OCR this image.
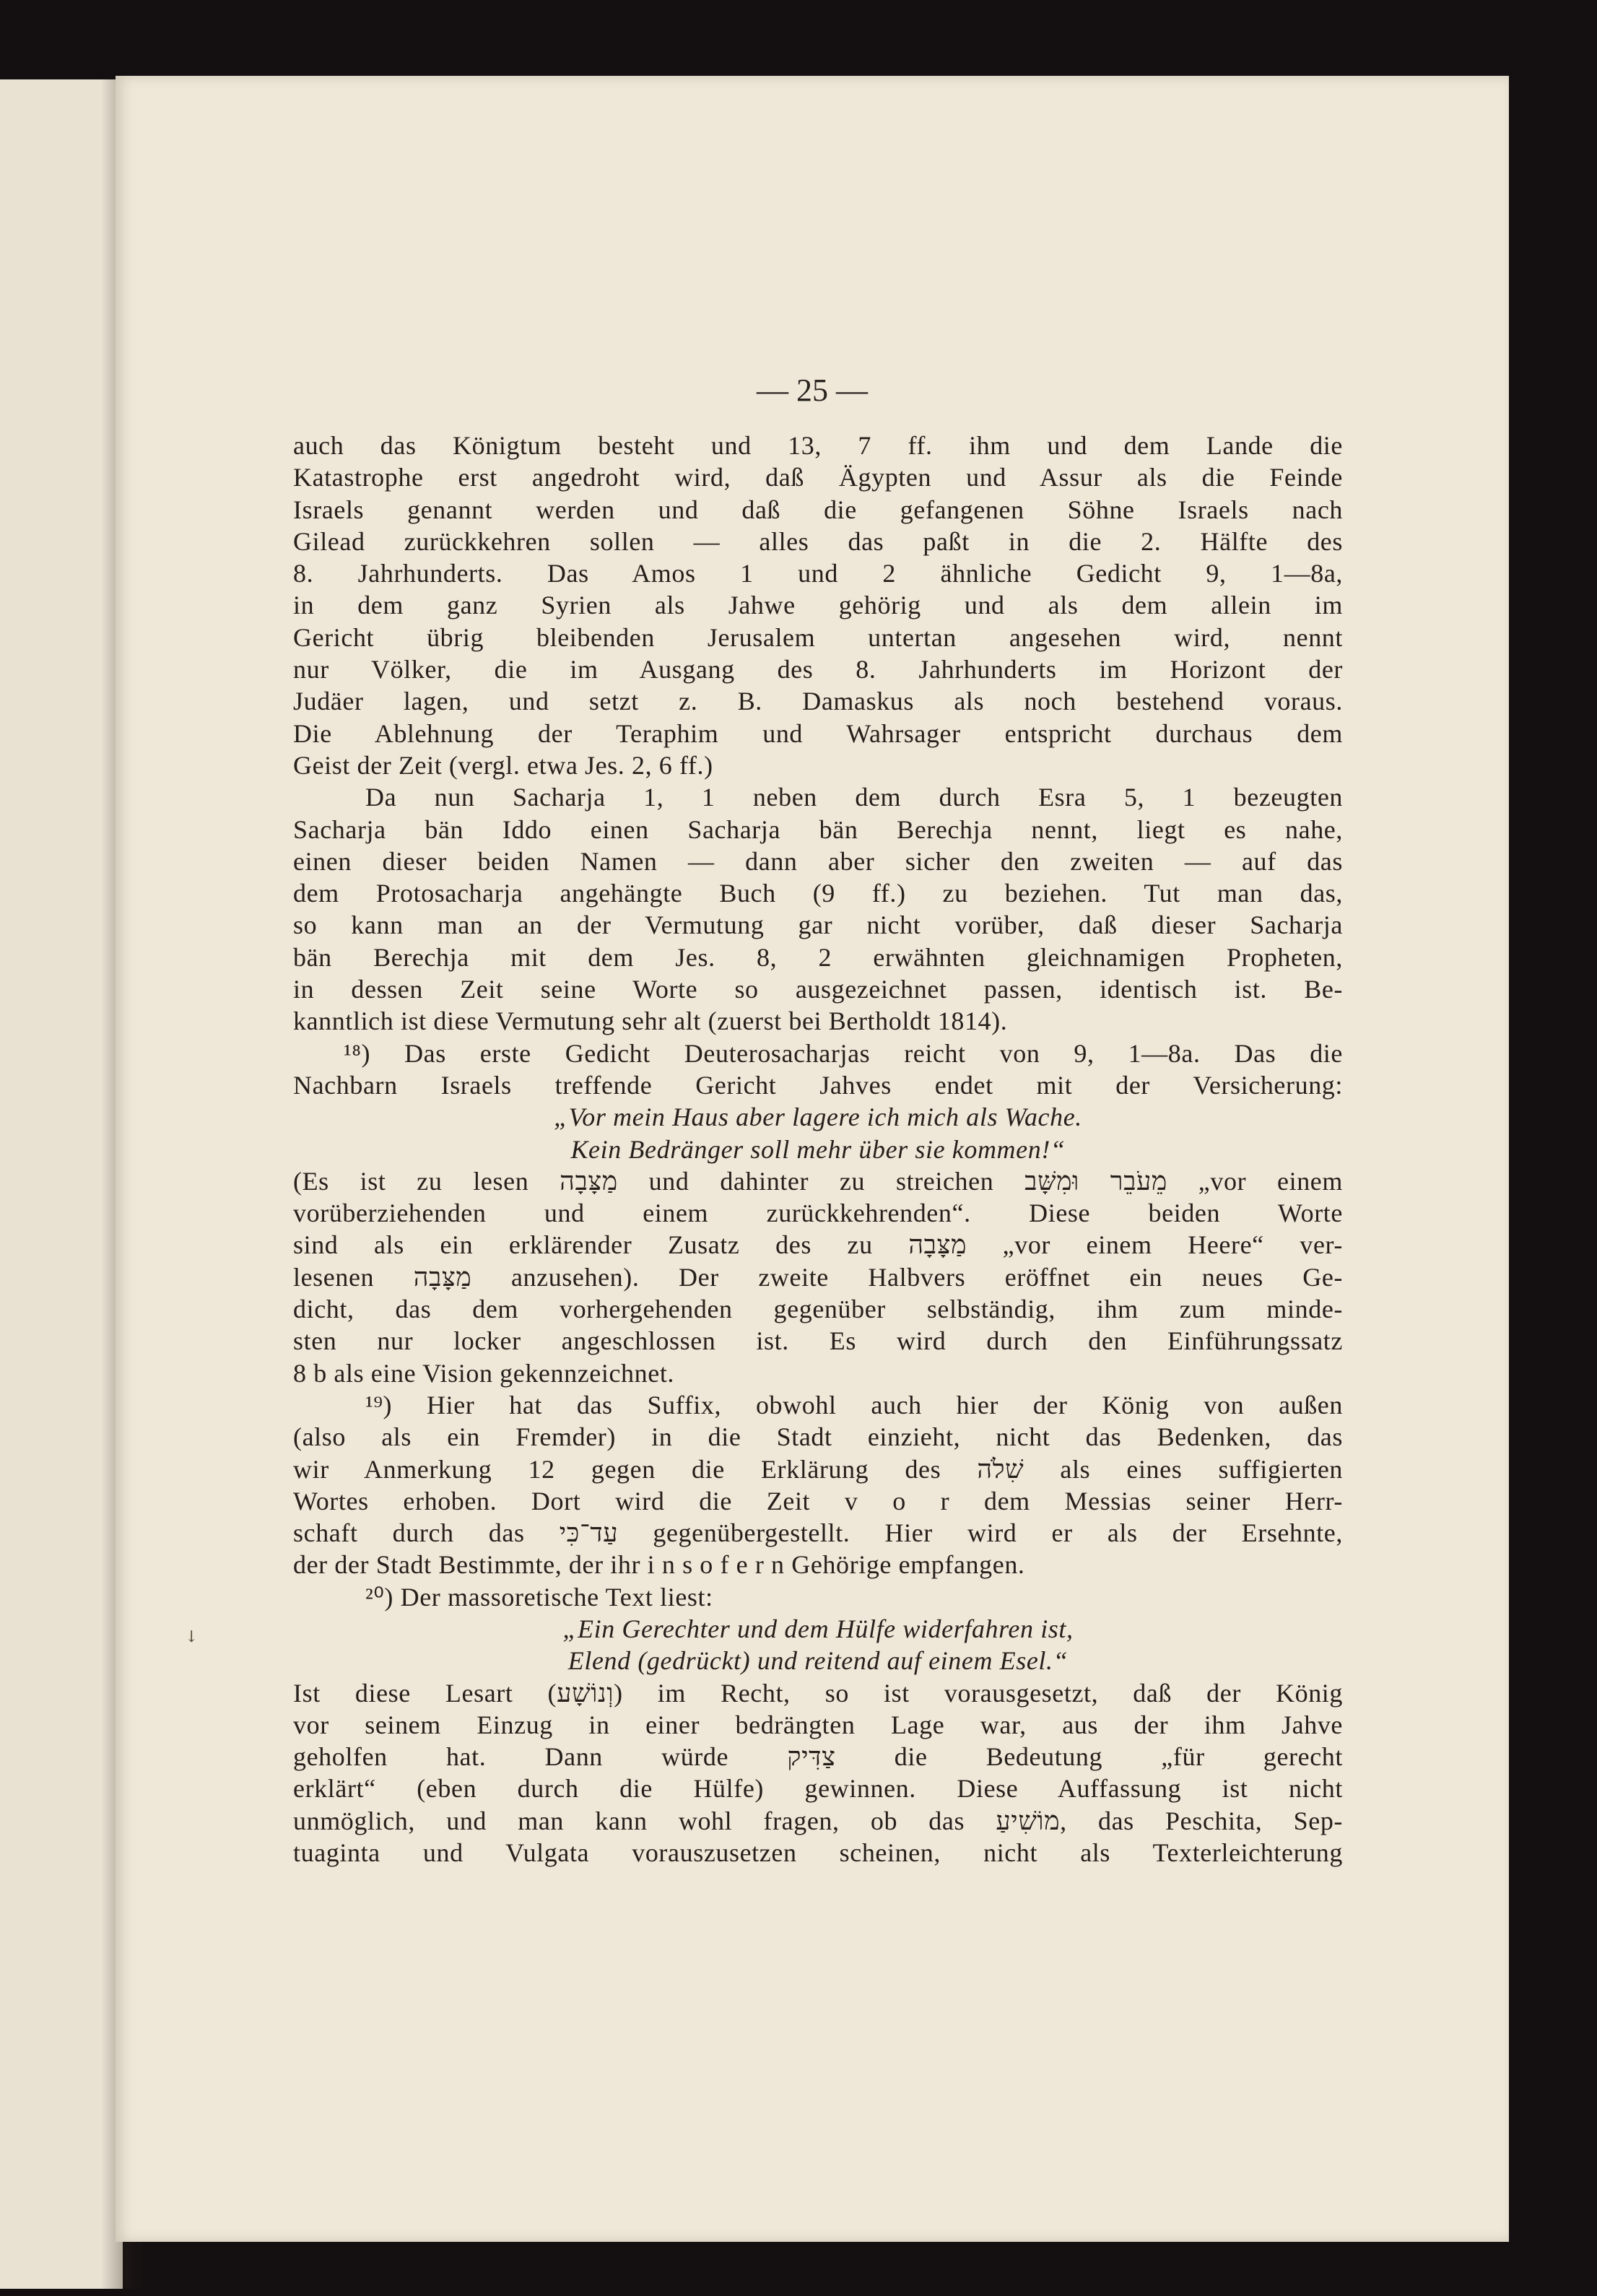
— 25 —
↓
auch das Königtum besteht und 13, 7 ff. ihm und dem Lande die
Katastrophe erst angedroht wird, daß Ägypten und Assur als die Feinde
Israels genannt werden und daß die gefangenen Söhne Israels nach
Gilead zurückkehren sollen — alles das paßt in die 2. Hälfte des
8. Jahrhunderts. Das Amos 1 und 2 ähnliche Gedicht 9, 1—8a,
in dem ganz Syrien als Jahwe gehörig und als dem allein im
Gericht übrig bleibenden Jerusalem untertan angesehen wird, nennt
nur Völker, die im Ausgang des 8. Jahrhunderts im Horizont der
Judäer lagen, und setzt z. B. Damaskus als noch bestehend voraus.
Die Ablehnung der Teraphim und Wahrsager entspricht durchaus dem
Geist der Zeit (vergl. etwa Jes. 2, 6 ff.)
Da nun Sacharja 1, 1 neben dem durch Esra 5, 1 bezeugten
Sacharja bän Iddo einen Sacharja bän Berechja nennt, liegt es nahe,
einen dieser beiden Namen — dann aber sicher den zweiten — auf das
dem Protosacharja angehängte Buch (9 ff.) zu beziehen. Tut man das,
so kann man an der Vermutung gar nicht vorüber, daß dieser Sacharja
bän Berechja mit dem Jes. 8, 2 erwähnten gleichnamigen Propheten,
in dessen Zeit seine Worte so ausgezeichnet passen, identisch ist. Be-
kanntlich ist diese Vermutung sehr alt (zuerst bei Bertholdt 1814).
¹⁸) Das erste Gedicht Deuterosacharjas reicht von 9, 1—8a. Das die
Nachbarn Israels treffende Gericht Jahves endet mit der Versicherung:
„Vor mein Haus aber lagere ich mich als Wache.
Kein Bedränger soll mehr über sie kommen!“
(Es ist zu lesen מַצָּבָה und dahinter zu streichen מֵעֹבֵר וּמִשָּׁב „vor einem
vorüberziehenden und einem zurückkehrenden“. Diese beiden Worte
sind als ein erklärender Zusatz des zu מַצָּבָה „vor einem Heere“ ver-
lesenen מַצָּבָה anzusehen). Der zweite Halbvers eröffnet ein neues Ge-
dicht, das dem vorhergehenden gegenüber selbständig, ihm zum minde-
sten nur locker angeschlossen ist. Es wird durch den Einführungssatz
8 b als eine Vision gekennzeichnet.
¹⁹) Hier hat das Suffix, obwohl auch hier der König von außen
(also als ein Fremder) in die Stadt einzieht, nicht das Bedenken, das
wir Anmerkung 12 gegen die Erklärung des שִׁלֹה als eines suffigierten
Wortes erhoben. Dort wird die Zeit v o r dem Messias seiner Herr-
schaft durch das עַד־כִּי gegenübergestellt. Hier wird er als der Ersehnte,
der der Stadt Bestimmte, der ihr i n s o f e r n Gehörige empfangen.
²⁰) Der massoretische Text liest:
„Ein Gerechter und dem Hülfe widerfahren ist,
Elend (gedrückt) und reitend auf einem Esel.“
Ist diese Lesart (וְנוֹשָׁע) im Recht, so ist vorausgesetzt, daß der König
vor seinem Einzug in einer bedrängten Lage war, aus der ihm Jahve
geholfen hat. Dann würde צַדִּיק die Bedeutung „für gerecht
erklärt“ (eben durch die Hülfe) gewinnen. Diese Auffassung ist nicht
unmöglich, und man kann wohl fragen, ob das מוֹשִׁיעַ, das Peschita, Sep-
tuaginta und Vulgata vorauszusetzen scheinen, nicht als Texterleichterung
